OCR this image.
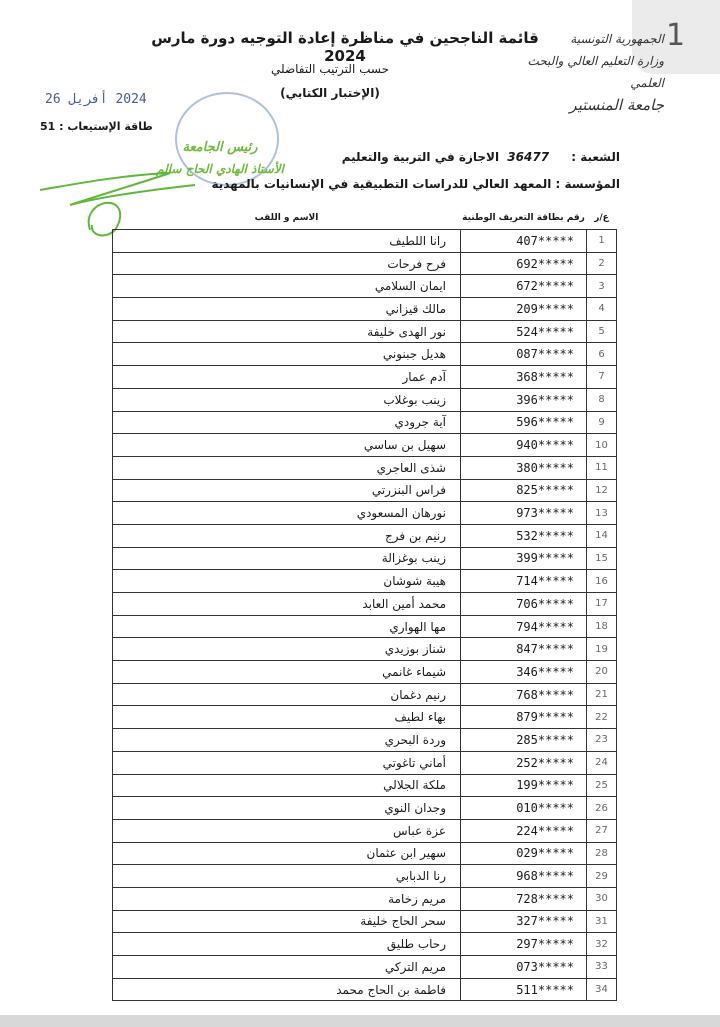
1
الجمهورية التونسية
وزارة التعليم العالي والبحث العلمي
جامعة المنستير
قائمة الناجحين في مناظرة إعادة التوجيه دورة مارس 2024
حسب الترتيب التفاضلي
(الإختبار الكتابي)
2024 أفريل 26
طاقة الإستيعاب : 51
رئيس الجامعة
الأستاذ الهادي الحاج سالم
الشعبة : 36477 الاجازة في التربية والتعليم
المؤسسة : المعهد العالي للدراسات التطبيقية في الإنسانيات بالمهدية
ع/ر	رقم بطاقة التعريف الوطنية	الاسم و اللقب
1	*****407	رانا اللطيف
2	*****692	فرح فرحات
3	*****672	ايمان السلامي
4	*****209	مالك قيزاني
5	*****524	نور الهدى خليفة
6	*****087	هديل جبنوني
7	*****368	آدم عمار
8	*****396	زينب بوغلاب
9	*****596	آية جرودي
10	*****940	سهيل بن ساسي
11	*****380	شذى العاجري
12	*****825	فراس البنزرتي
13	*****973	نورهان المسعودي
14	*****532	رنيم بن فرج
15	*****399	زينب بوغزالة
16	*****714	هيبة شوشان
17	*****706	محمد أمين العابد
18	*****794	مها الهواري
19	*****847	شناز بوزيدي
20	*****346	شيماء غانمي
21	*****768	رنيم دغمان
22	*****879	بهاء لطيف
23	*****285	وردة البحري
24	*****252	أماني تاغوتي
25	*****199	ملكة الجلالي
26	*****010	وجدان النوي
27	*****224	عزة عباس
28	*****029	سهير ابن عثمان
29	*****968	رنا الدبابي
30	*****728	مريم زخامة
31	*****327	سحر الحاج خليفة
32	*****297	رحاب طليق
33	*****073	مريم التركي
34	*****511	فاطمة بن الحاج محمد
